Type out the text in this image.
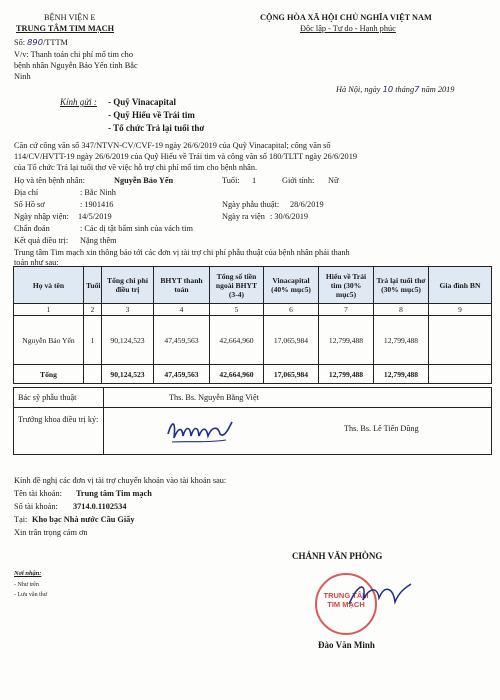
BỆNH VIỆN E
TRUNG TÂM TIM MẠCH
Số: 890/TTTM
V/v: Thanh toán chi phí mổ tim cho
bệnh nhân Nguyễn Bảo Yến tỉnh Bắc
Ninh
CỘNG HÒA XÃ HỘI CHỦ NGHĨA VIỆT NAM
Độc lập - Tự do - Hạnh phúc
Hà Nội, ngày 10 tháng7 năm 2019
Kính gửi : - Quỹ Vinacapital
- Quỹ Hiểu về Trái tim
- Tổ chức Trả lại tuổi thơ
Căn cứ công văn số 347/NTVN-CV/CVF-19 ngày 26/6/2019 của Quỹ Vinacapital; công văn số
114/CV/HVTT-19 ngày 26/6/2019 của Quỹ Hiểu về Trái tim và công văn số 180/TLTT ngày 26/6/2019
của Tổ chức Trả lại tuổi thơ về việc hỗ trợ chi phí mổ tim cho bệnh nhân.
Họ và tên bệnh nhân:	Nguyễn Bảo Yến	Tuổi: 1	Giới tính: Nữ
Địa chỉ	: Bắc Ninh
Số Hồ sơ	: 1901416	Ngày phẫu thuật: 28/6/2019
Ngày nhập viện: 14/5/2019	Ngày ra viện : 30/6/2019
Chẩn đoán	: Các dị tật bẩm sinh của vách tim
Kết quả điều trị: Nặng thêm
Trung tâm Tim mạch xin thông báo tới các đơn vị tài trợ chi phí phẫu thuật của bệnh nhân phải thanh
toán như sau:
Họ và tên	Tuổi	Tổng chi phí điều trị	BHYT thanh toán	Tổng số tiền ngoài BHYT (3-4)	Vinacapital (40% mục5)	Hiểu về Trái tim (30% mục5)	Trả lại tuổi thơ (30% mục5)	Gia đình BN
1	2	3	4	5	6	7	8	9
Nguyễn Bảo Yến	1	90,124,523	47,459,563	42,664,960	17,065,984	12,799,488	12,799,488	
Tổng		90,124,523	47,459,563	42,664,960	17,065,984	12,799,488	12,799,488	
Bác sỹ phẫu thuật	Ths. Bs. Nguyễn Bằng Việt
Trưởng khoa điều trị ký:	Ths. Bs. Lê Tiến Dũng
Kính đề nghị các đơn vị tài trợ chuyển khoản vào tài khoản sau:
Tên tài khoản: Trung tâm Tim mạch
Số tài khoản: 3714.0.1102534
Tại: Kho bạc Nhà nước Cầu Giấy
Xin trân trọng cảm ơn
Nơi nhận:
- Như trên
- Lưu văn thư
CHÁNH VĂN PHÒNG
TRUNG TÂM
TIM MẠCH
Đào Văn Minh
